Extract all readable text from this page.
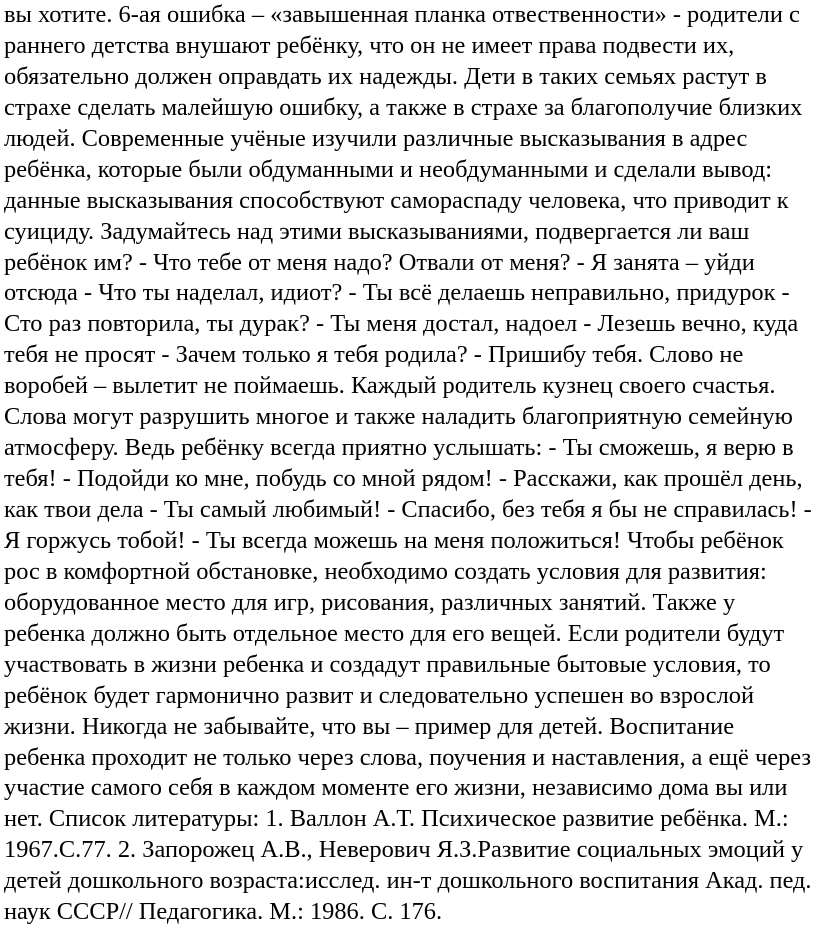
вы хотите. 6-ая ошибка – «завышенная планка отвественности» - родители с
раннего детства внушают ребёнку, что он не имеет права подвести их,
обязательно должен оправдать их надежды. Дети в таких семьях растут в
страхе сделать малейшую ошибку, а также в страхе за благополучие близких
людей. Современные учёные изучили различные высказывания в адрес
ребёнка, которые были обдуманными и необдуманными и сделали вывод:
данные высказывания способствуют самораспаду человека, что приводит к
суициду. Задумайтесь над этими высказываниями, подвергается ли ваш
ребёнок им? - Что тебе от меня надо? Отвали от меня? - Я занята – уйди
отсюда - Что ты наделал, идиот? - Ты всё делаешь неправильно, придурок -
Сто раз повторила, ты дурак? - Ты меня достал, надоел - Лезешь вечно, куда
тебя не просят - Зачем только я тебя родила? - Пришибу тебя. Слово не
воробей – вылетит не поймаешь. Каждый родитель кузнец своего счастья.
Слова могут разрушить многое и также наладить благоприятную семейную
атмосферу. Ведь ребёнку всегда приятно услышать: - Ты сможешь, я верю в
тебя! - Подойди ко мне, побудь со мной рядом! - Расскажи, как прошёл день,
как твои дела - Ты самый любимый! - Спасибо, без тебя я бы не справилась! -
Я горжусь тобой! - Ты всегда можешь на меня положиться! Чтобы ребёнок
рос в комфортной обстановке, необходимо создать условия для развития:
оборудованное место для игр, рисования, различных занятий. Также у
ребенка должно быть отдельное место для его вещей. Если родители будут
участвовать в жизни ребенка и создадут правильные бытовые условия, то
ребёнок будет гармонично развит и следовательно успешен во взрослой
жизни. Никогда не забывайте, что вы – пример для детей. Воспитание
ребенка проходит не только через слова, поучения и наставления, а ещё через
участие самого себя в каждом моменте его жизни, независимо дома вы или
нет. Список литературы: 1. Валлон А.Т. Психическое развитие ребёнка. М.:
1967.С.77. 2. Запорожец А.В., Неверович Я.З.Развитие социальных эмоций у
детей дошкольного возраста:исслед. ин-т дошкольного воспитания Акад. пед.
наук СССР// Педагогика. М.: 1986. С. 176.
